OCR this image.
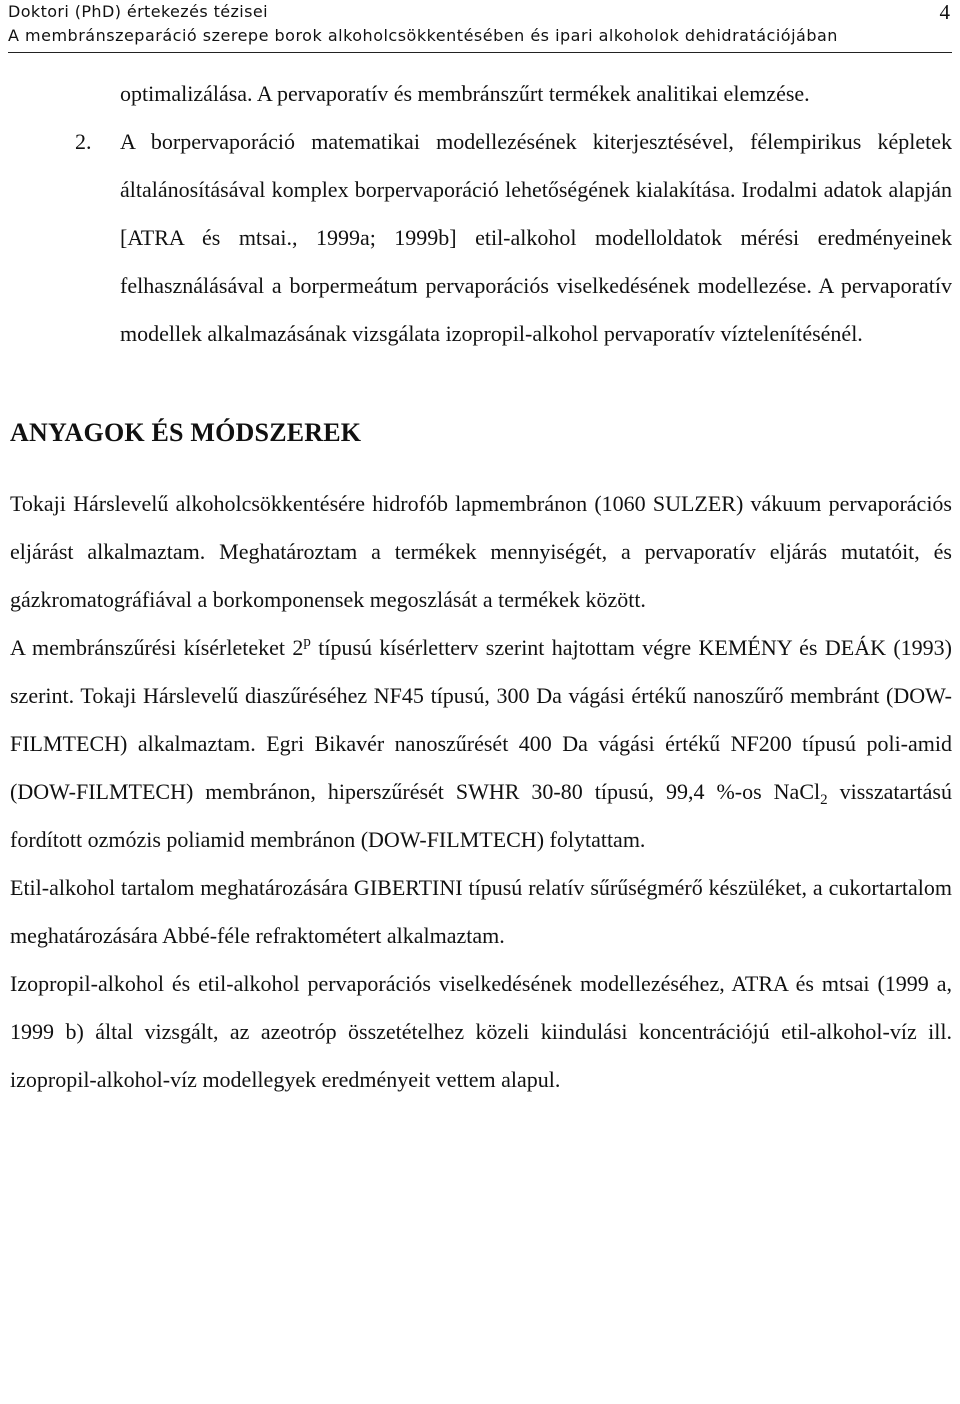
Doktori (PhD) értekezés tézisei
A membránszeparáció szerepe borok alkoholcsökkentésében és ipari alkoholok dehidratációjában
4

optimalizálása. A pervaporatív és membránszűrt termékek analitikai elemzése.

2. A borpervaporáció matematikai modellezésének kiterjesztésével, félempirikus képletek általánosításával komplex borpervaporáció lehetőségének kialakítása. Irodalmi adatok alapján [ATRA és mtsai., 1999a; 1999b] etil-alkohol modelloldatok mérési eredményeinek felhasználásával a borpermeátum pervaporációs viselkedésének modellezése. A pervaporatív modellek alkalmazásának vizsgálata izopropil-alkohol pervaporatív víztelenítésénél.

ANYAGOK ÉS MÓDSZEREK

Tokaji Hárslevelű alkoholcsökkentésére hidrofób lapmembránon (1060 SULZER) vákuum pervaporációs eljárást alkalmaztam. Meghatároztam a termékek mennyiségét, a pervaporatív eljárás mutatóit, és gázkromatográfiával a borkomponensek megoszlását a termékek között.

A membránszűrési kísérleteket 2$^p$ típusú kísérletterv szerint hajtottam végre KEMÉNY és DEÁK (1993) szerint. Tokaji Hárslevelű diaszűréséhez NF45 típusú, 300 Da vágási értékű nanoszűrő membránt (DOW-FILMTECH) alkalmaztam. Egri Bikavér nanoszűrését 400 Da vágási értékű NF200 típusú poli-amid (DOW-FILMTECH) membránon, hiperszűrését SWHR 30-80 típusú, 99,4 %-os NaCl$_2$ visszatartású fordított ozmózis poliamid membránon (DOW-FILMTECH) folytattam.

Etil-alkohol tartalom meghatározására GIBERTINI típusú relatív sűrűségmérő készüléket, a cukortartalom meghatározására Abbé-féle refraktométert alkalmaztam.

Izopropil-alkohol és etil-alkohol pervaporációs viselkedésének modellezéséhez, ATRA és mtsai (1999 a, 1999 b) által vizsgált, az azeotróp összetételhez közeli kiindulási koncentrációjú etil-alkohol-víz ill. izopropil-alkohol-víz modellegyek eredményeit vettem alapul.
